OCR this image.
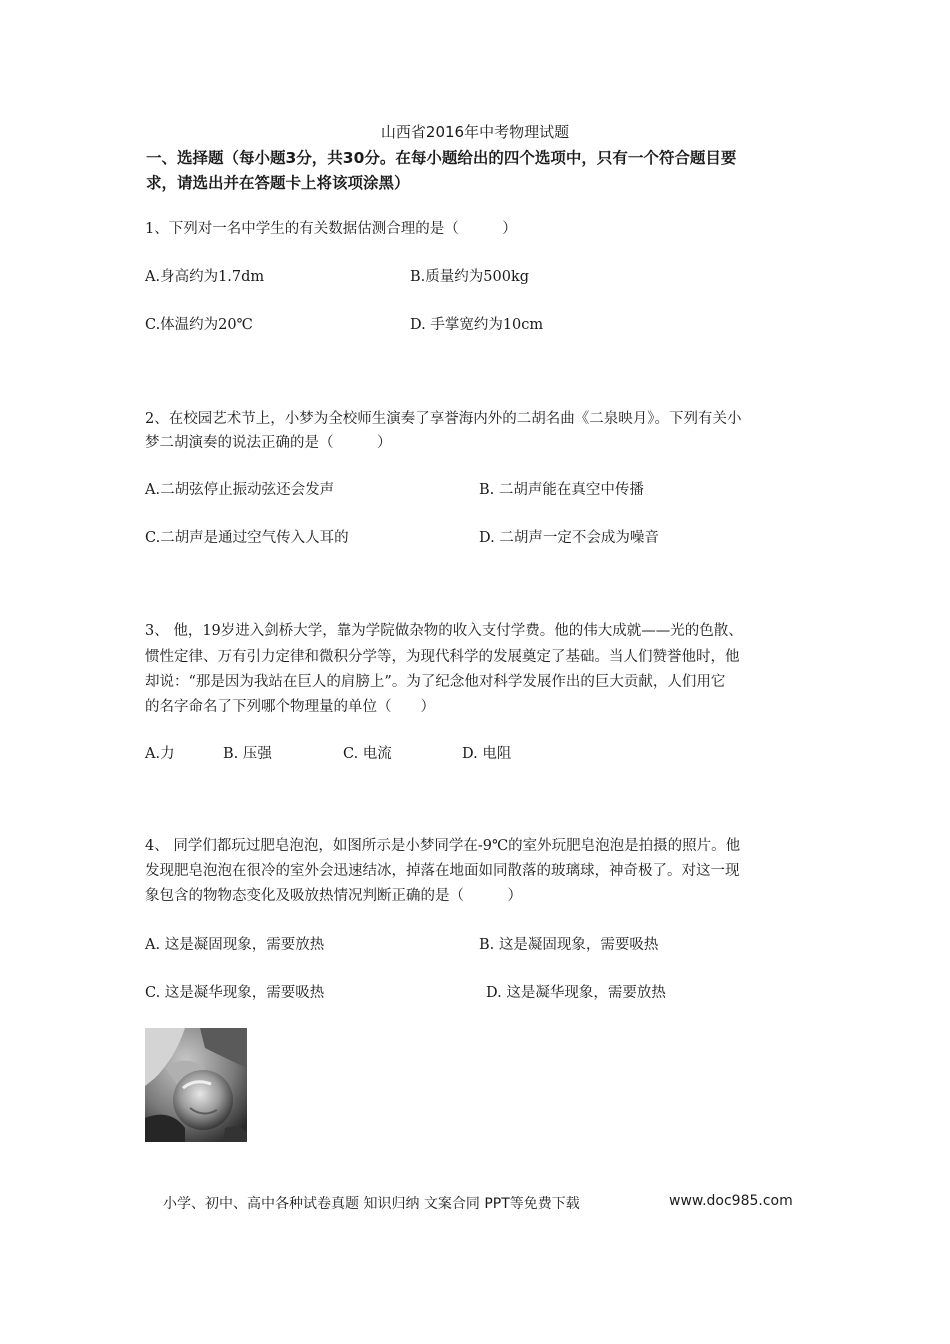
山西省2016年中考物理试题
一、选择题（每小题3分，共30分。在每小题给出的四个选项中，只有一个符合题目要
求，请选出并在答题卡上将该项涂黑）
1、下列对一名中学生的有关数据估测合理的是（　　　）
A.身高约为1.7dm	B.质量约为500kg
C.体温约为20℃	D. 手掌宽约为10cm
2、在校园艺术节上，小梦为全校师生演奏了享誉海内外的二胡名曲《二泉映月》。下列有关小
梦二胡演奏的说法正确的是（　　　）
A.二胡弦停止振动弦还会发声	B. 二胡声能在真空中传播
C.二胡声是通过空气传入人耳的	D. 二胡声一定不会成为噪音
3、 他，19岁进入剑桥大学，靠为学院做杂物的收入支付学费。他的伟大成就——光的色散、
惯性定律、万有引力定律和微积分学等，为现代科学的发展奠定了基础。当人们赞誉他时，他
却说：“那是因为我站在巨人的肩膀上”。为了纪念他对科学发展作出的巨大贡献，人们用它
的名字命名了下列哪个物理量的单位（　　）
A.力	B. 压强	C. 电流	D. 电阻
4、 同学们都玩过肥皂泡泡，如图所示是小梦同学在-9℃的室外玩肥皂泡泡是拍摄的照片。他
发现肥皂泡泡在很冷的室外会迅速结冰，掉落在地面如同散落的玻璃球，神奇极了。对这一现
象包含的物物态变化及吸放热情况判断正确的是（　　　）
A. 这是凝固现象，需要放热	B. 这是凝固现象，需要吸热
C. 这是凝华现象，需要吸热	D. 这是凝华现象，需要放热
小学、初中、高中各种试卷真题 知识归纳 文案合同 PPT等免费下载	www.doc985.com
